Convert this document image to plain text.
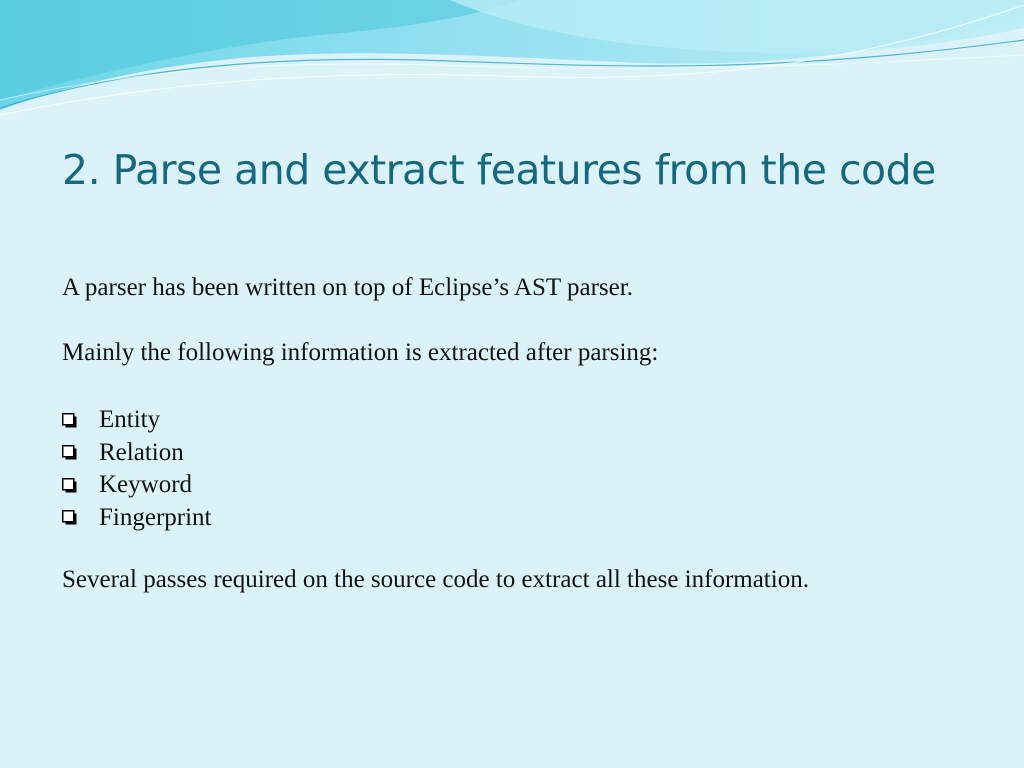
2. Parse and extract features from the code

A parser has been written on top of Eclipse’s AST parser.

Mainly the following information is extracted after parsing:

Entity
Relation
Keyword
Fingerprint

Several passes required on the source code to extract all these information.
